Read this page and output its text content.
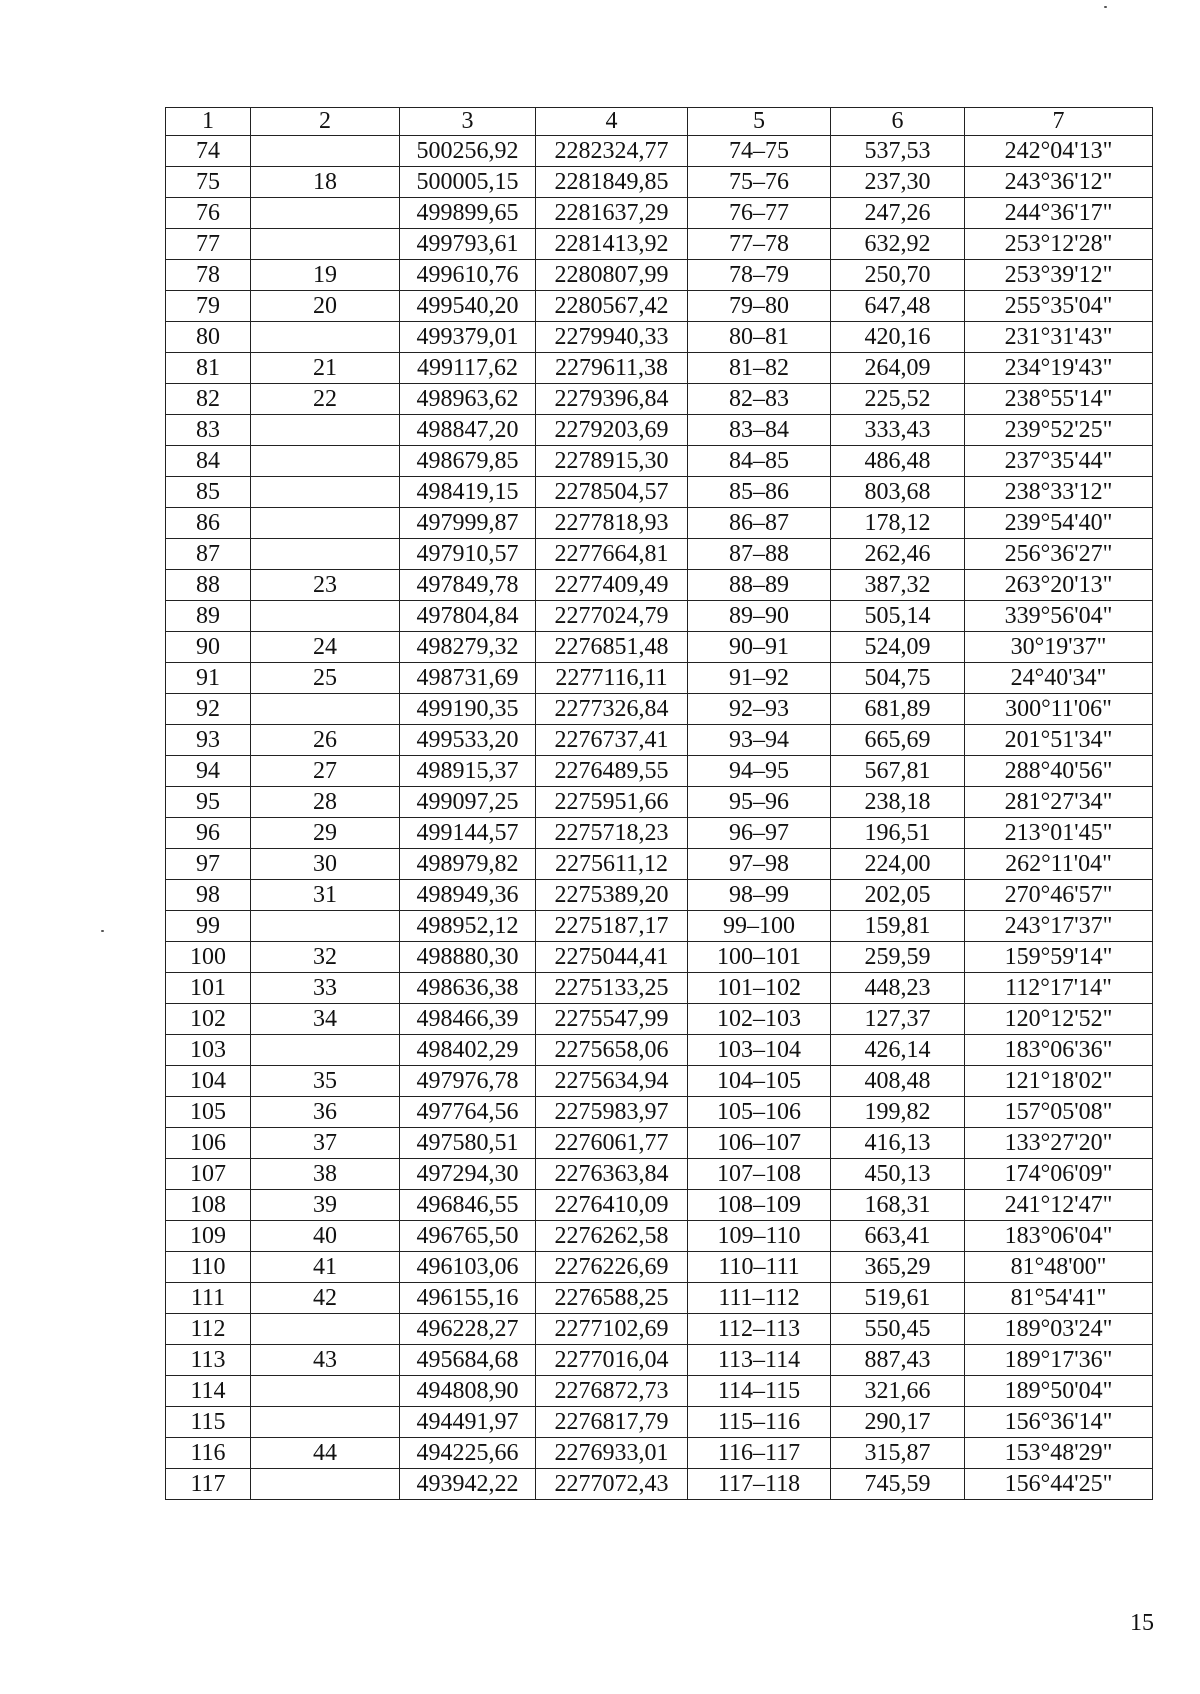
1	2	3	4	5	6	7
74		500256,92	2282324,77	74–75	537,53	242°04'13"
75	18	500005,15	2281849,85	75–76	237,30	243°36'12"
76		499899,65	2281637,29	76–77	247,26	244°36'17"
77		499793,61	2281413,92	77–78	632,92	253°12'28"
78	19	499610,76	2280807,99	78–79	250,70	253°39'12"
79	20	499540,20	2280567,42	79–80	647,48	255°35'04"
80		499379,01	2279940,33	80–81	420,16	231°31'43"
81	21	499117,62	2279611,38	81–82	264,09	234°19'43"
82	22	498963,62	2279396,84	82–83	225,52	238°55'14"
83		498847,20	2279203,69	83–84	333,43	239°52'25"
84		498679,85	2278915,30	84–85	486,48	237°35'44"
85		498419,15	2278504,57	85–86	803,68	238°33'12"
86		497999,87	2277818,93	86–87	178,12	239°54'40"
87		497910,57	2277664,81	87–88	262,46	256°36'27"
88	23	497849,78	2277409,49	88–89	387,32	263°20'13"
89		497804,84	2277024,79	89–90	505,14	339°56'04"
90	24	498279,32	2276851,48	90–91	524,09	30°19'37"
91	25	498731,69	2277116,11	91–92	504,75	24°40'34"
92		499190,35	2277326,84	92–93	681,89	300°11'06"
93	26	499533,20	2276737,41	93–94	665,69	201°51'34"
94	27	498915,37	2276489,55	94–95	567,81	288°40'56"
95	28	499097,25	2275951,66	95–96	238,18	281°27'34"
96	29	499144,57	2275718,23	96–97	196,51	213°01'45"
97	30	498979,82	2275611,12	97–98	224,00	262°11'04"
98	31	498949,36	2275389,20	98–99	202,05	270°46'57"
99		498952,12	2275187,17	99–100	159,81	243°17'37"
100	32	498880,30	2275044,41	100–101	259,59	159°59'14"
101	33	498636,38	2275133,25	101–102	448,23	112°17'14"
102	34	498466,39	2275547,99	102–103	127,37	120°12'52"
103		498402,29	2275658,06	103–104	426,14	183°06'36"
104	35	497976,78	2275634,94	104–105	408,48	121°18'02"
105	36	497764,56	2275983,97	105–106	199,82	157°05'08"
106	37	497580,51	2276061,77	106–107	416,13	133°27'20"
107	38	497294,30	2276363,84	107–108	450,13	174°06'09"
108	39	496846,55	2276410,09	108–109	168,31	241°12'47"
109	40	496765,50	2276262,58	109–110	663,41	183°06'04"
110	41	496103,06	2276226,69	110–111	365,29	81°48'00"
111	42	496155,16	2276588,25	111–112	519,61	81°54'41"
112		496228,27	2277102,69	112–113	550,45	189°03'24"
113	43	495684,68	2277016,04	113–114	887,43	189°17'36"
114		494808,90	2276872,73	114–115	321,66	189°50'04"
115		494491,97	2276817,79	115–116	290,17	156°36'14"
116	44	494225,66	2276933,01	116–117	315,87	153°48'29"
117		493942,22	2277072,43	117–118	745,59	156°44'25"
15
